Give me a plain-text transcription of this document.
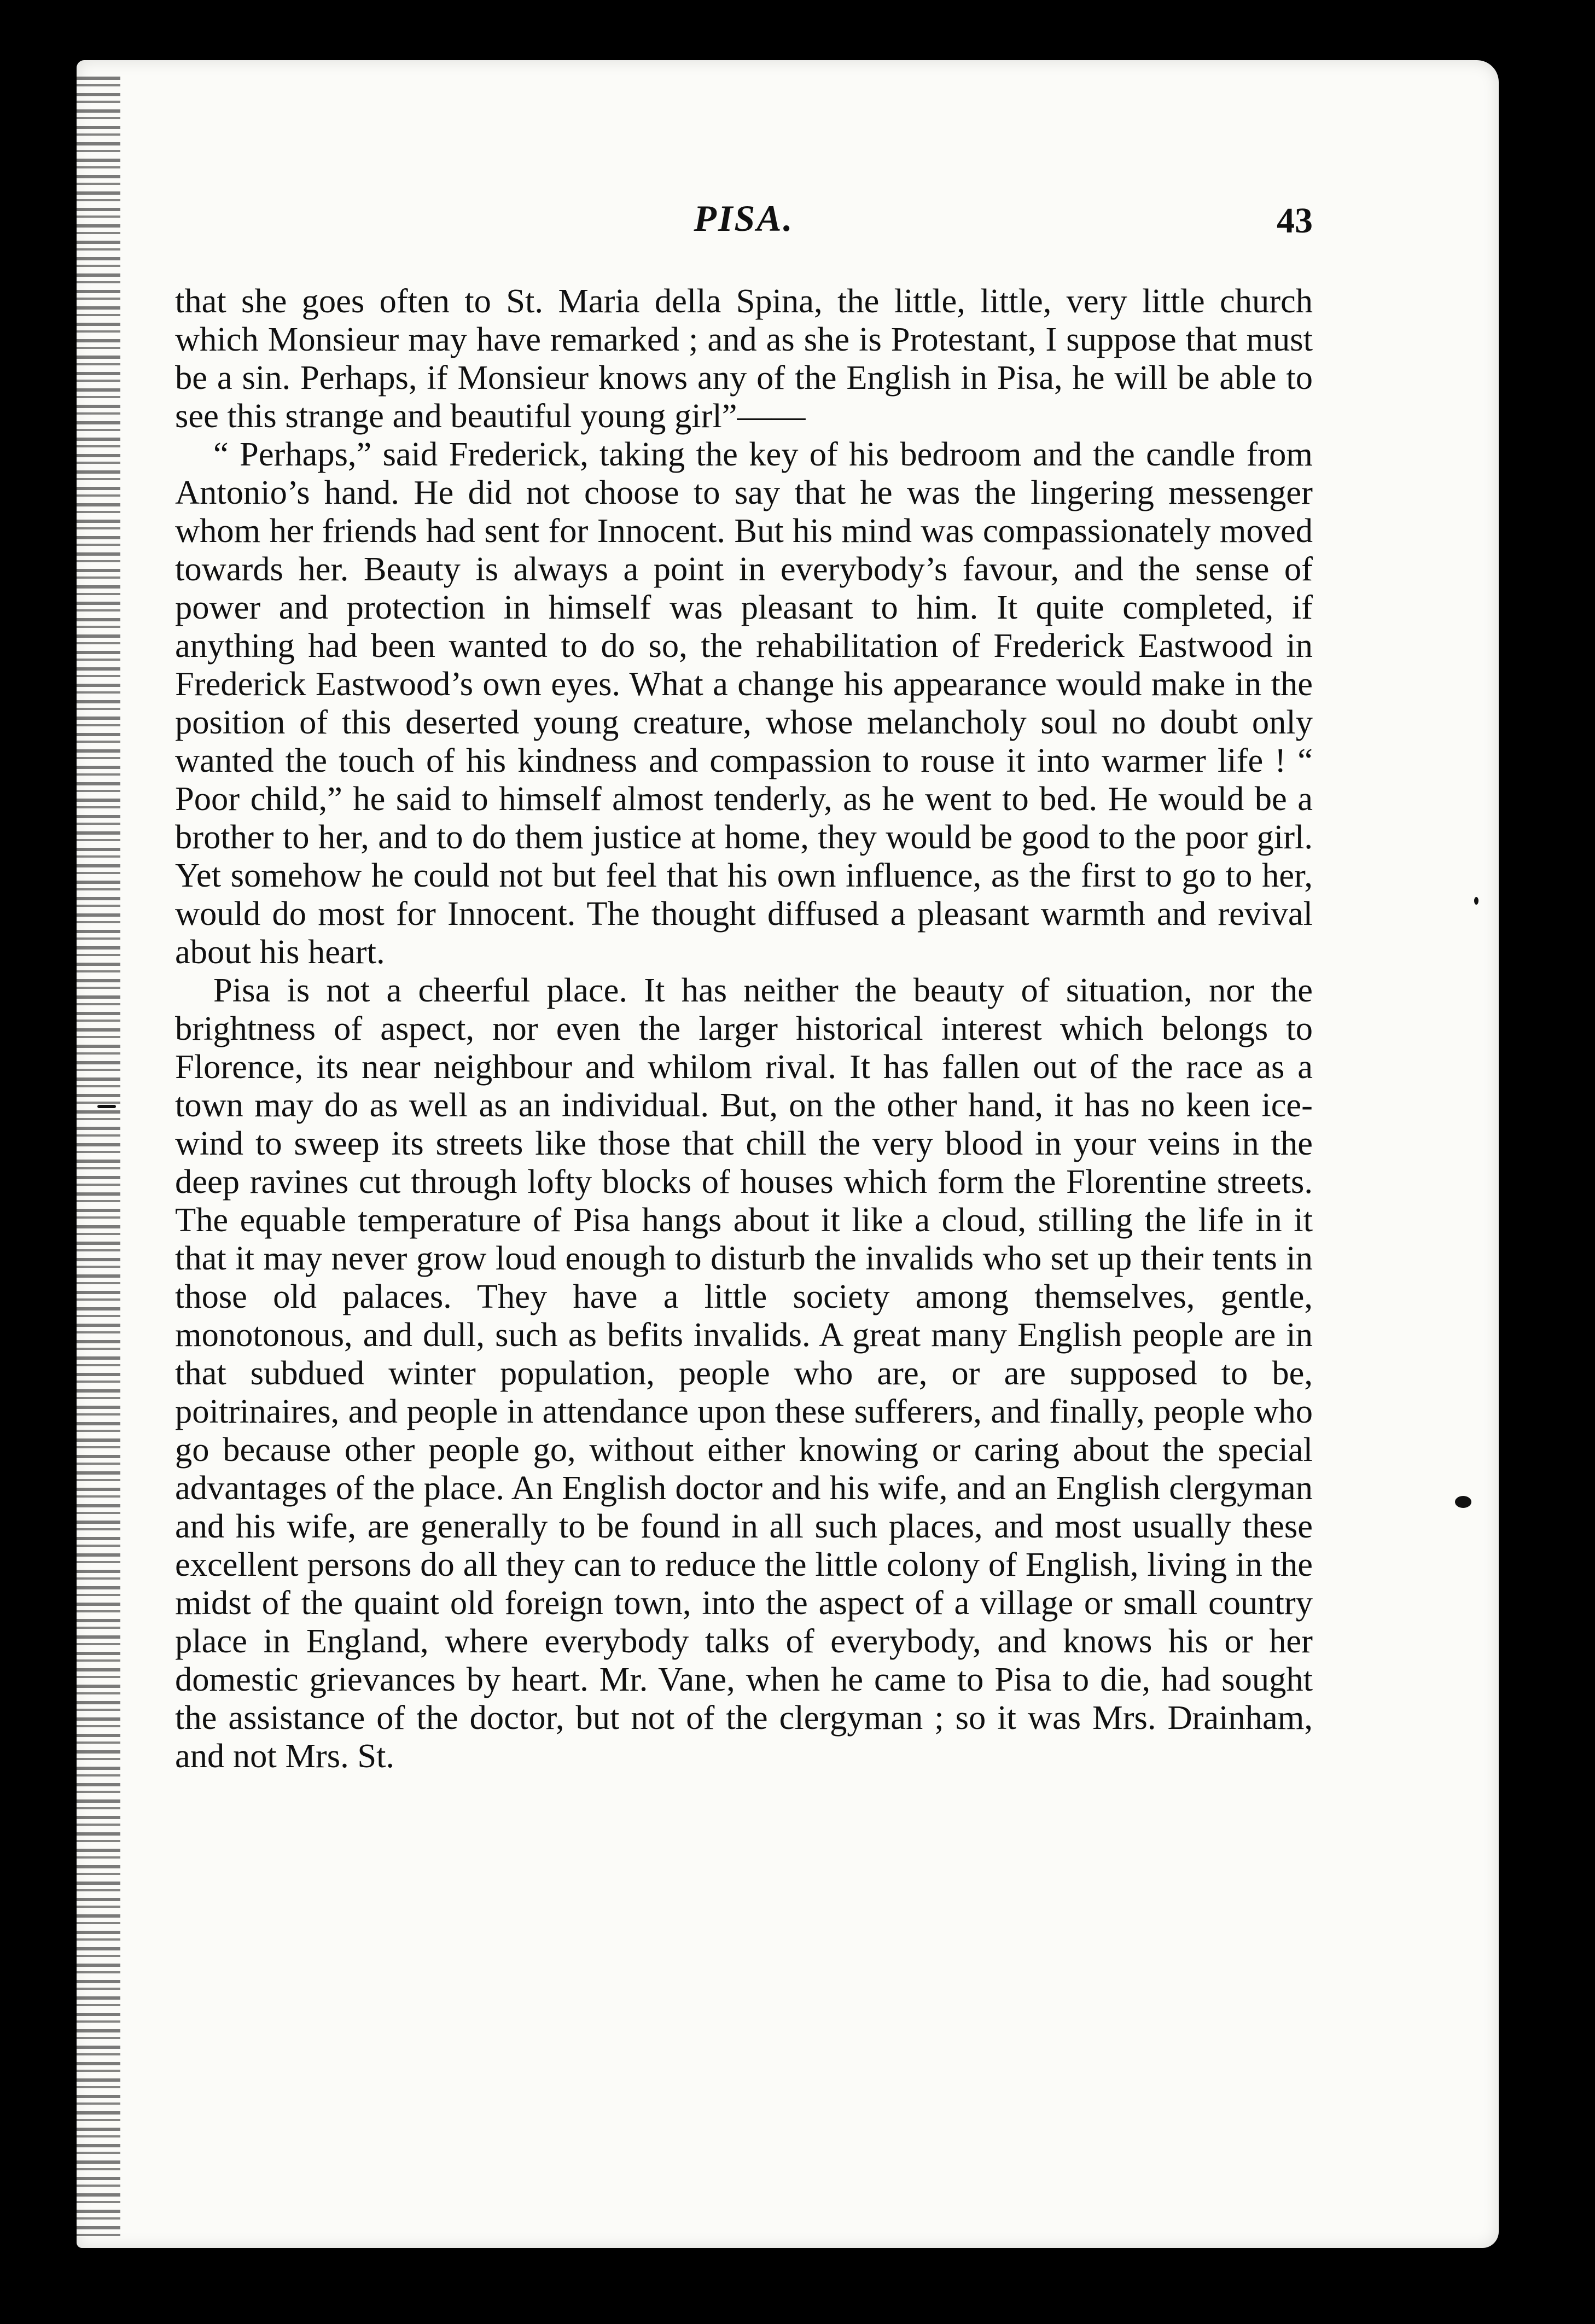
PISA.	43

that she goes often to St. Maria della Spina, the little, little, very little church which Monsieur may have remarked ; and as she is Protestant, I suppose that must be a sin. Perhaps, if Monsieur knows any of the English in Pisa, he will be able to see this strange and beautiful young girl”——

“ Perhaps,” said Frederick, taking the key of his bedroom and the candle from Antonio’s hand. He did not choose to say that he was the lingering messenger whom her friends had sent for Innocent. But his mind was compassionately moved towards her. Beauty is always a point in everybody’s favour, and the sense of power and protection in himself was pleasant to him. It quite completed, if anything had been wanted to do so, the rehabilitation of Frederick Eastwood in Frederick Eastwood’s own eyes. What a change his appearance would make in the position of this deserted young creature, whose melancholy soul no doubt only wanted the touch of his kindness and compassion to rouse it into warmer life ! “ Poor child,” he said to himself almost tenderly, as he went to bed. He would be a brother to her, and to do them justice at home, they would be good to the poor girl. Yet somehow he could not but feel that his own influence, as the first to go to her, would do most for Innocent. The thought diffused a pleasant warmth and revival about his heart.

Pisa is not a cheerful place. It has neither the beauty of situation, nor the brightness of aspect, nor even the larger historical interest which belongs to Florence, its near neighbour and whilom rival. It has fallen out of the race as a town may do as well as an individual. But, on the other hand, it has no keen ice-wind to sweep its streets like those that chill the very blood in your veins in the deep ravines cut through lofty blocks of houses which form the Florentine streets. The equable temperature of Pisa hangs about it like a cloud, stilling the life in it that it may never grow loud enough to disturb the invalids who set up their tents in those old palaces. They have a little society among themselves, gentle, monotonous, and dull, such as befits invalids. A great many English people are in that subdued winter population, people who are, or are supposed to be, poitrinaires, and people in attendance upon these sufferers, and finally, people who go because other people go, without either knowing or caring about the special advantages of the place. An English doctor and his wife, and an English clergyman and his wife, are generally to be found in all such places, and most usually these excellent persons do all they can to reduce the little colony of English, living in the midst of the quaint old foreign town, into the aspect of a village or small country place in England, where everybody talks of everybody, and knows his or her domestic grievances by heart. Mr. Vane, when he came to Pisa to die, had sought the assistance of the doctor, but not of the clergyman ; so it was Mrs. Drainham, and not Mrs. St.
